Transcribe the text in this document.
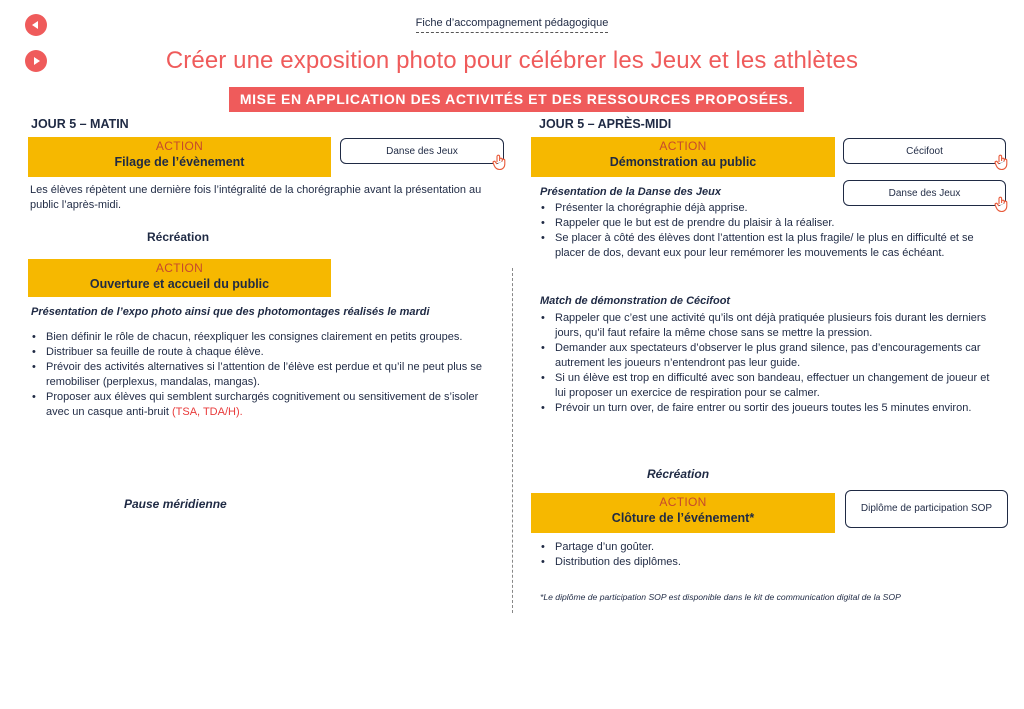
Fiche d’accompagnement pédagogique
Créer une exposition photo pour célébrer les Jeux et les athlètes
MISE EN APPLICATION DES ACTIVITÉS ET DES RESSOURCES PROPOSÉES.
JOUR 5 – MATIN
ACTION
Filage de l’évènement
Danse des Jeux
Les élèves répètent une dernière fois l’intégralité de la chorégraphie avant la présentation au public l’après-midi.
Récréation
ACTION
Ouverture et accueil du public
Présentation de l’expo photo ainsi que des photomontages réalisés le mardi
• Bien définir le rôle de chacun, réexpliquer les consignes clairement en petits groupes.
• Distribuer sa feuille de route à chaque élève.
• Prévoir des activités alternatives si l’attention de l’élève est perdue et qu’il ne peut plus se remobiliser (perplexus, mandalas, mangas).
• Proposer aux élèves qui semblent surchargés cognitivement ou sensitivement de s’isoler avec un casque anti-bruit (TSA, TDA/H).
Pause méridienne
JOUR 5 – APRÈS-MIDI
ACTION
Démonstration au public
Cécifoot
Danse des Jeux
Présentation de la Danse des Jeux
• Présenter la chorégraphie déjà apprise.
• Rappeler que le but est de prendre du plaisir à la réaliser.
• Se placer à côté des élèves dont l’attention est la plus fragile/ le plus en difficulté et se placer de dos, devant eux pour leur remémorer les mouvements le cas échéant.
Match de démonstration de Cécifoot
• Rappeler que c’est une activité qu’ils ont déjà pratiquée plusieurs fois durant les derniers jours, qu’il faut refaire la même chose sans se mettre la pression.
• Demander aux spectateurs d’observer le plus grand silence, pas d’encouragements car autrement les joueurs n’entendront pas leur guide.
• Si un élève est trop en difficulté avec son bandeau, effectuer un changement de joueur et lui proposer un exercice de respiration pour se calmer.
• Prévoir un turn over, de faire entrer ou sortir des joueurs toutes les 5 minutes environ.
Récréation
ACTION
Clôture de l’événement*
Diplôme de participation SOP
• Partage d’un goûter.
• Distribution des diplômes.
*Le diplôme de participation SOP est disponible dans le kit de communication digital de la SOP
